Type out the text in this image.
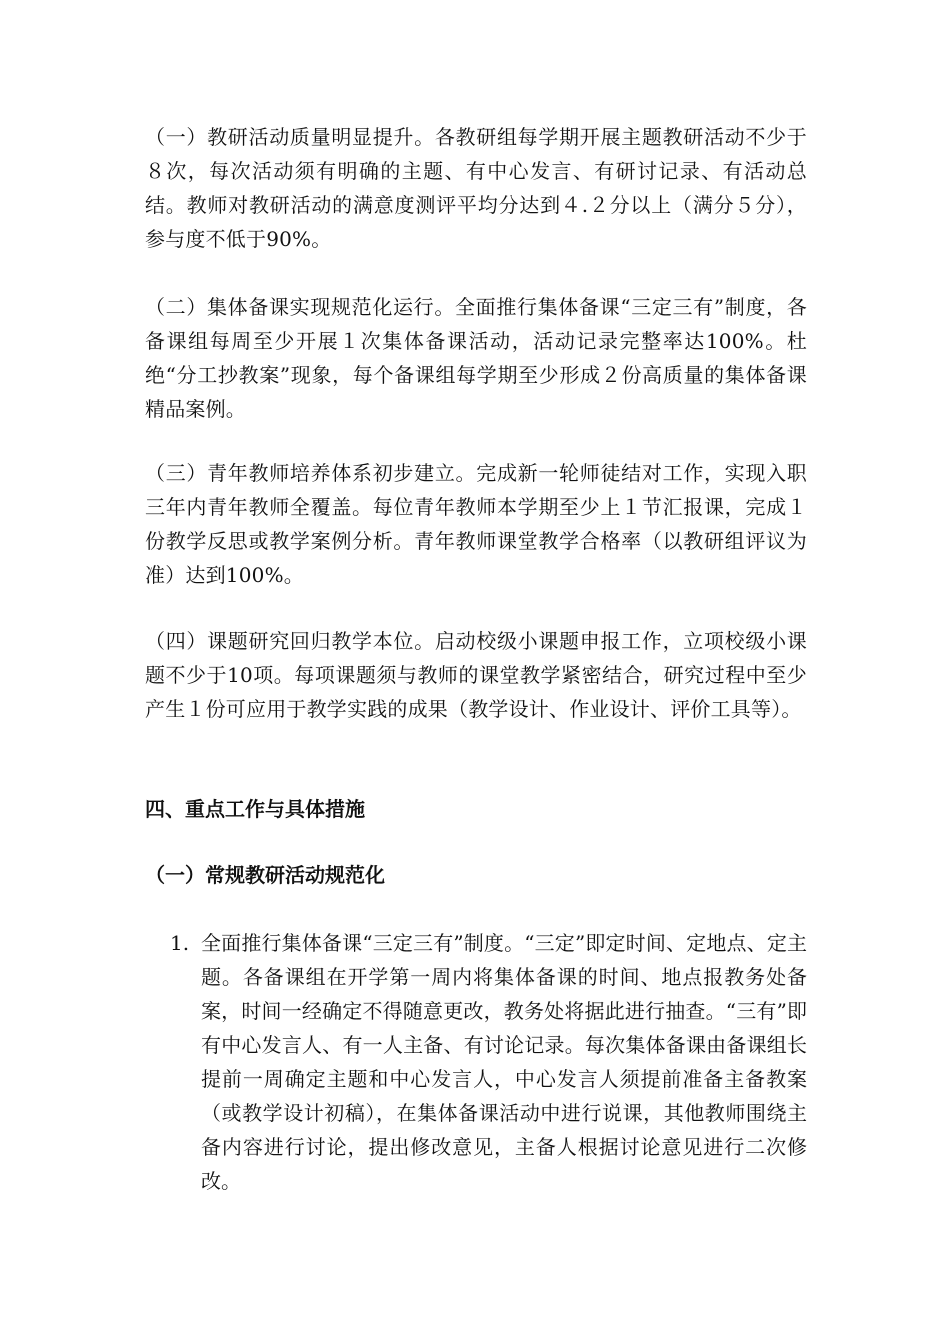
（一）教研活动质量明显提升。各教研组每学期开展主题教研活动不少于８次，每次活动须有明确的主题、有中心发言、有研讨记录、有活动总结。教师对教研活动的满意度测评平均分达到４.２分以上（满分５分），参与度不低于90%。

（二）集体备课实现规范化运行。全面推行集体备课“三定三有”制度，各备课组每周至少开展１次集体备课活动，活动记录完整率达100%。杜绝“分工抄教案”现象，每个备课组每学期至少形成２份高质量的集体备课精品案例。

（三）青年教师培养体系初步建立。完成新一轮师徒结对工作，实现入职三年内青年教师全覆盖。每位青年教师本学期至少上１节汇报课，完成１份教学反思或教学案例分析。青年教师课堂教学合格率（以教研组评议为准）达到100%。

（四）课题研究回归教学本位。启动校级小课题申报工作，立项校级小课题不少于10项。每项课题须与教师的课堂教学紧密结合，研究过程中至少产生１份可应用于教学实践的成果（教学设计、作业设计、评价工具等）。

四、重点工作与具体措施
（一）常规教研活动规范化
1. 全面推行集体备课“三定三有”制度。“三定”即定时间、定地点、定主题。各备课组在开学第一周内将集体备课的时间、地点报教务处备案，时间一经确定不得随意更改，教务处将据此进行抽查。“三有”即有中心发言人、有一人主备、有讨论记录。每次集体备课由备课组长提前一周确定主题和中心发言人，中心发言人须提前准备主备教案（或教学设计初稿），在集体备课活动中进行说课，其他教师围绕主备内容进行讨论，提出修改意见，主备人根据讨论意见进行二次修改。
